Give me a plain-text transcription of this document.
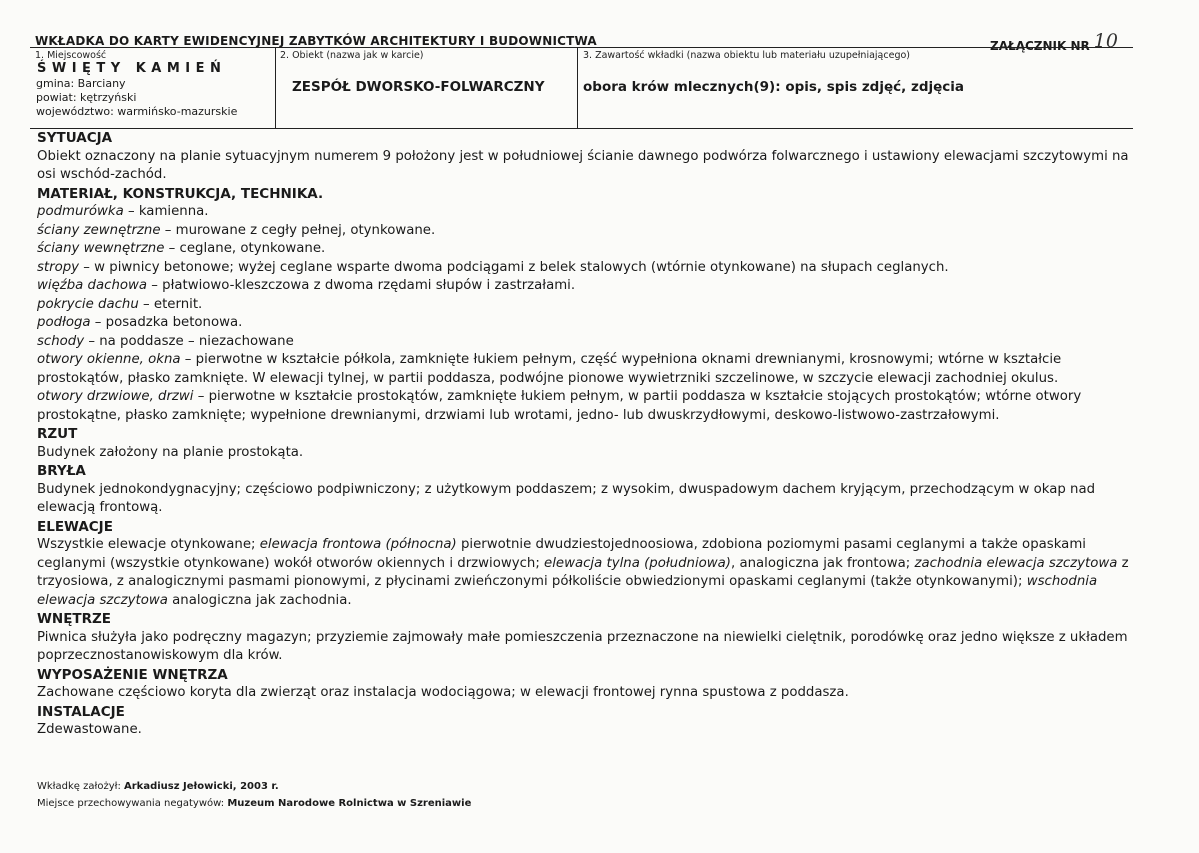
WKŁADKA DO KARTY EWIDENCYJNEJ ZABYTKÓW ARCHITEKTURY I BUDOWNICTWA	ZAŁĄCZNIK NR 10
1. Miejscowość
ŚWIĘTY KAMIEŃ
gmina: Barciany
powiat: kętrzyński
województwo: warmińsko-mazurskie
2. Obiekt (nazwa jak w karcie)
ZESPÓŁ DWORSKO-FOLWARCZNY
3. Zawartość wkładki (nazwa obiektu lub materiału uzupełniającego)
obora krów mlecznych(9): opis, spis zdjęć, zdjęcia
SYTUACJA

Obiekt oznaczony na planie sytuacyjnym numerem 9 położony jest w południowej ścianie dawnego podwórza folwarcznego i ustawiony elewacjami szczytowymi na osi wschód-zachód.

MATERIAŁ, KONSTRUKCJA, TECHNIKA.

podmurówka – kamienna.

ściany zewnętrzne – murowane z cegły pełnej, otynkowane.

ściany wewnętrzne – ceglane, otynkowane.

stropy – w piwnicy betonowe; wyżej ceglane wsparte dwoma podciągami z belek stalowych (wtórnie otynkowane) na słupach ceglanych.

więźba dachowa – płatwiowo-kleszczowa z dwoma rzędami słupów i zastrzałami.

pokrycie dachu – eternit.

podłoga – posadzka betonowa.

schody – na poddasze – niezachowane

otwory okienne, okna – pierwotne w kształcie półkola, zamknięte łukiem pełnym, część wypełniona oknami drewnianymi, krosnowymi; wtórne w kształcie prostokątów, płasko zamknięte. W elewacji tylnej, w partii poddasza, podwójne pionowe wywietrzniki szczelinowe, w szczycie elewacji zachodniej okulus.

otwory drzwiowe, drzwi – pierwotne w kształcie prostokątów, zamknięte łukiem pełnym, w partii poddasza w kształcie stojących prostokątów; wtórne otwory prostokątne, płasko zamknięte; wypełnione drewnianymi, drzwiami lub wrotami, jedno- lub dwuskrzydłowymi, deskowo-listwowo-zastrzałowymi.

RZUT

Budynek założony na planie prostokąta.

BRYŁA

Budynek jednokondygnacyjny; częściowo podpiwniczony; z użytkowym poddaszem; z wysokim, dwuspadowym dachem kryjącym, przechodzącym w okap nad elewacją frontową.

ELEWACJE

Wszystkie elewacje otynkowane; elewacja frontowa (północna) pierwotnie dwudziestojednoosiowa, zdobiona poziomymi pasami ceglanymi a także opaskami ceglanymi (wszystkie otynkowane) wokół otworów okiennych i drzwiowych; elewacja tylna (południowa), analogiczna jak frontowa; zachodnia elewacja szczytowa z trzyosiowa, z analogicznymi pasmami pionowymi, z płycinami zwieńczonymi półkoliście obwiedzionymi opaskami ceglanymi (także otynkowanymi); wschodnia elewacja szczytowa analogiczna jak zachodnia.

WNĘTRZE

Piwnica służyła jako podręczny magazyn; przyziemie zajmowały małe pomieszczenia przeznaczone na niewielki cielętnik, porodówkę oraz jedno większe z układem poprzecznostanowiskowym dla krów.

WYPOSAŻENIE WNĘTRZA

Zachowane częściowo koryta dla zwierząt oraz instalacja wodociągowa; w elewacji frontowej rynna spustowa z poddasza.

INSTALACJE

Zdewastowane.

Wkładkę założył: Arkadiusz Jełowicki, 2003 r.
Miejsce przechowywania negatywów: Muzeum Narodowe Rolnictwa w Szreniawie
